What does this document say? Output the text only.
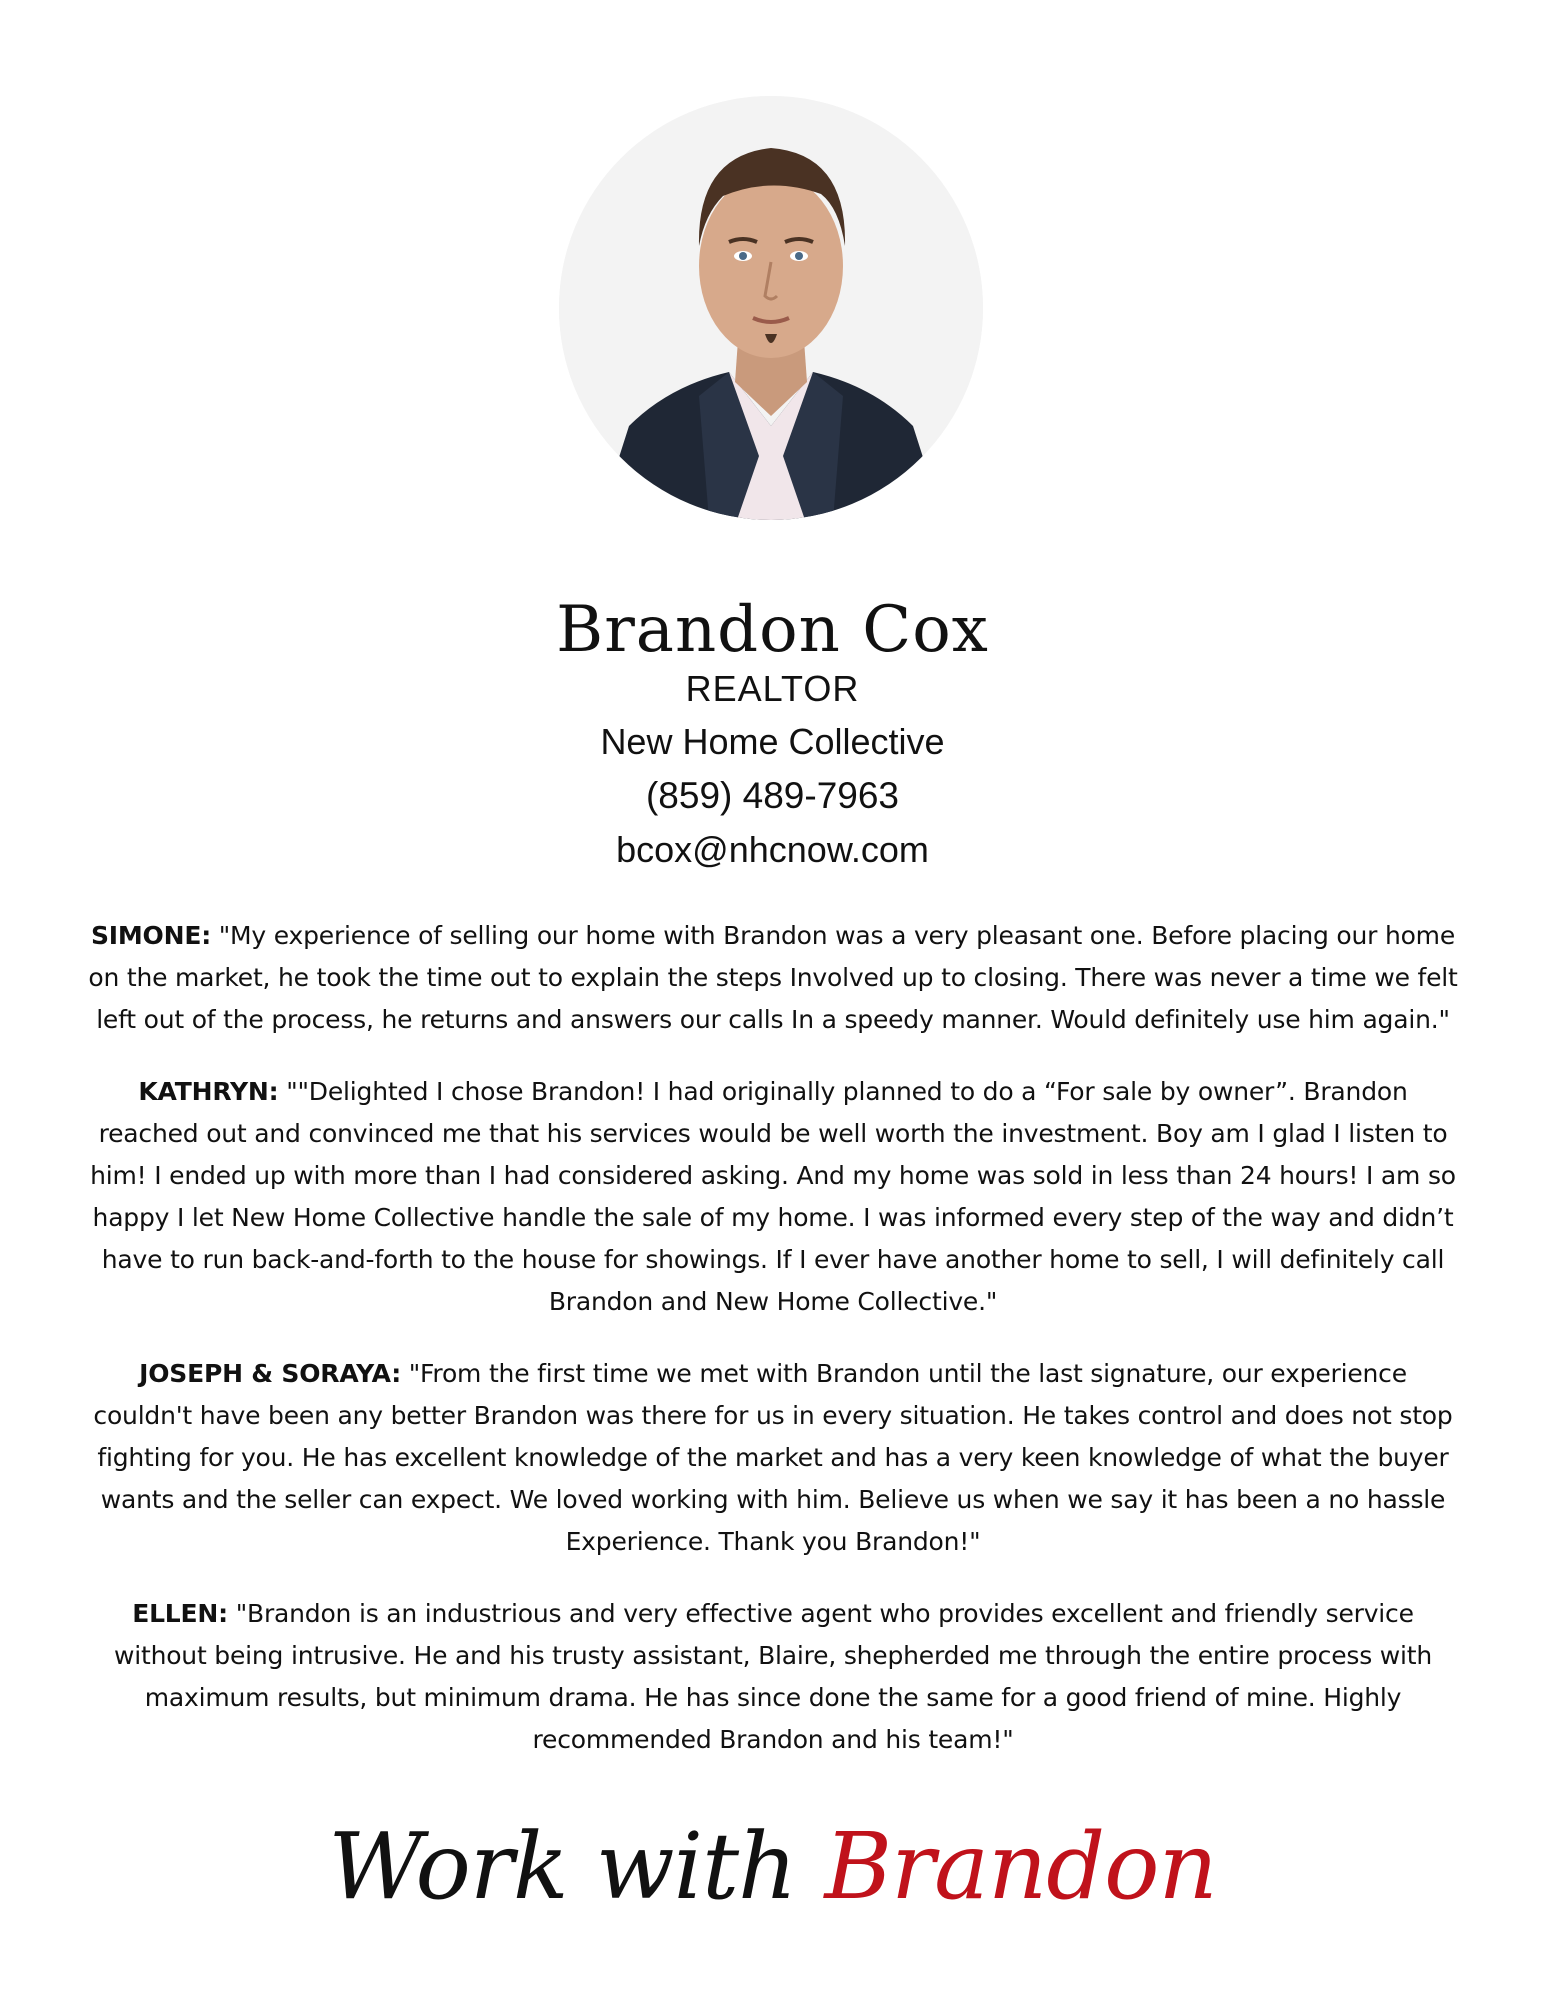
Brandon Cox
REALTOR
New Home Collective
(859) 489-7963
bcox@nhcnow.com

SIMONE: "My experience of selling our home with Brandon was a very pleasant one. Before placing our home on the market, he took the time out to explain the steps Involved up to closing. There was never a time we felt left out of the process, he returns and answers our calls In a speedy manner. Would definitely use him again."

KATHRYN: ""Delighted I chose Brandon! I had originally planned to do a “For sale by owner”. Brandon reached out and convinced me that his services would be well worth the investment. Boy am I glad I listen to him! I ended up with more than I had considered asking. And my home was sold in less than 24 hours! I am so happy I let New Home Collective handle the sale of my home. I was informed every step of the way and didn’t have to run back-and-forth to the house for showings. If I ever have another home to sell, I will definitely call Brandon and New Home Collective."

JOSEPH & SORAYA: "From the first time we met with Brandon until the last signature, our experience couldn't have been any better Brandon was there for us in every situation. He takes control and does not stop fighting for you. He has excellent knowledge of the market and has a very keen knowledge of what the buyer wants and the seller can expect. We loved working with him. Believe us when we say it has been a no hassle Experience. Thank you Brandon!"

ELLEN: "Brandon is an industrious and very effective agent who provides excellent and friendly service without being intrusive. He and his trusty assistant, Blaire, shepherded me through the entire process with maximum results, but minimum drama. He has since done the same for a good friend of mine. Highly recommended Brandon and his team!"

Work with Brandon
